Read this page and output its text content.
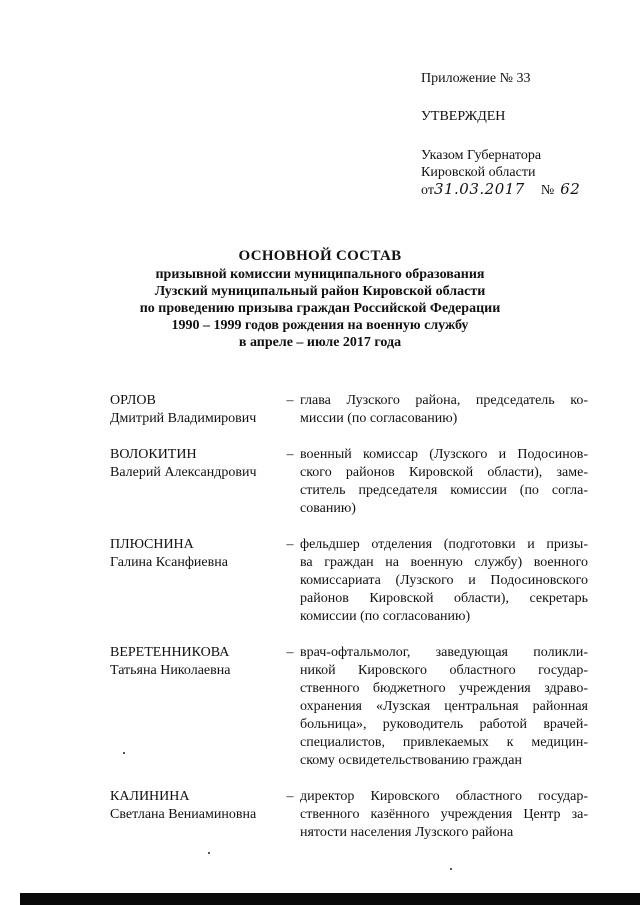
Приложение № 33
УТВЕРЖДЕН
Указом Губернатора
Кировской области
от 31.03.2017 № 62
ОСНОВНОЙ СОСТАВ
призывной комиссии муниципального образования
Лузский муниципальный район Кировской области
по проведению призыва граждан Российской Федерации
1990 – 1999 годов рождения на военную службу
в апреле – июле 2017 года
ОРЛОВ
Дмитрий Владимирович
– глава Лузского района, председатель ко-
миссии (по согласованию)
ВОЛОКИТИН
Валерий Александрович
– военный комиссар (Лузского и Подосинов-
ского районов Кировской области), заме-
ститель председателя комиссии (по согла-
сованию)
ПЛЮСНИНА
Галина Ксанфиевна
– фельдшер отделения (подготовки и призы-
ва граждан на военную службу) военного
комиссариата (Лузского и Подосиновского
районов Кировской области), секретарь
комиссии (по согласованию)
ВЕРЕТЕННИКОВА
Татьяна Николаевна
– врач-офтальмолог, заведующая поликли-
никой Кировского областного государ-
ственного бюджетного учреждения здраво-
охранения «Лузская центральная районная
больница», руководитель работой врачей-
специалистов, привлекаемых к медицин-
скому освидетельствованию граждан
КАЛИНИНА
Светлана Вениаминовна
– директор Кировского областного государ-
ственного казённого учреждения Центр за-
нятости населения Лузского района
